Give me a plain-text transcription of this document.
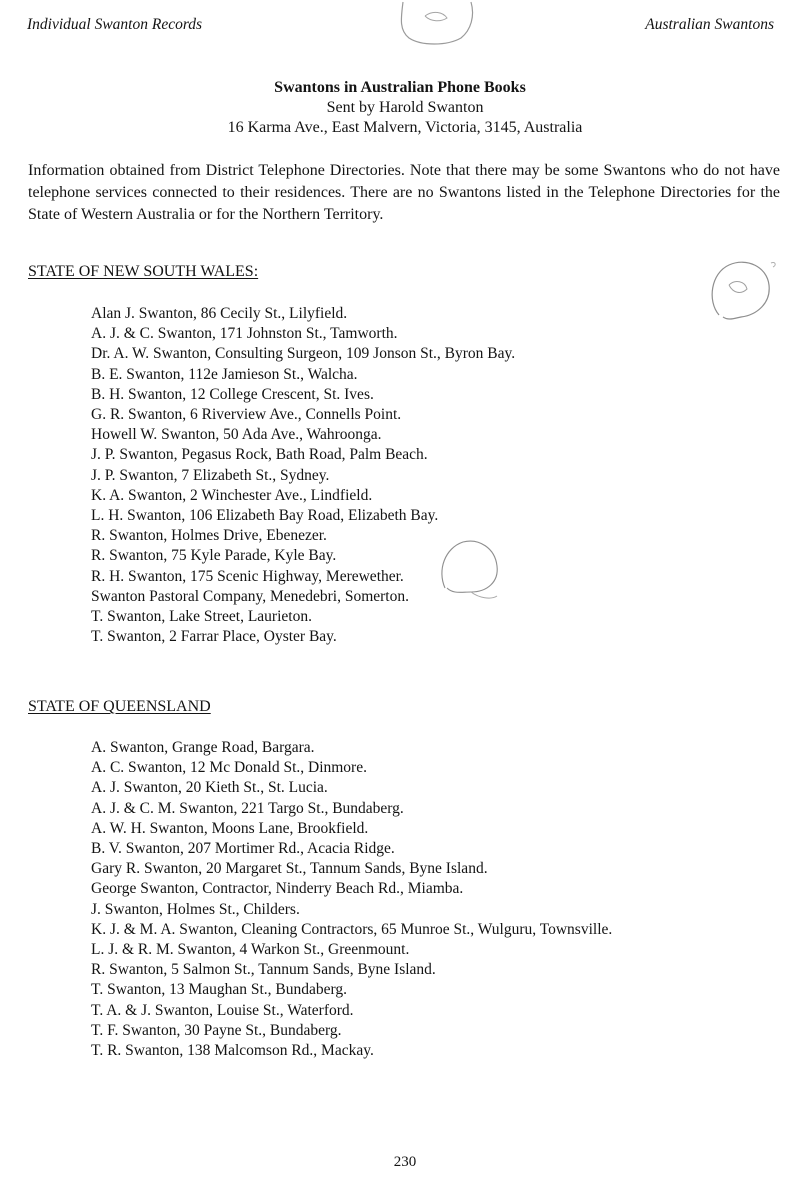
Individual Swanton Records	Australian Swantons
Swantons in Australian Phone Books
Sent by Harold Swanton
16 Karma Ave., East Malvern, Victoria, 3145, Australia
Information obtained from District Telephone Directories. Note that there may be some Swantons who do not have telephone services connected to their residences. There are no Swantons listed in the Telephone Directories for the State of Western Australia or for the Northern Territory.
STATE OF NEW SOUTH WALES:
Alan J. Swanton, 86 Cecily St., Lilyfield.
A. J. & C. Swanton, 171 Johnston St., Tamworth.
Dr. A. W. Swanton, Consulting Surgeon, 109 Jonson St., Byron Bay.
B. E. Swanton, 112e Jamieson St., Walcha.
B. H. Swanton, 12 College Crescent, St. Ives.
G. R. Swanton, 6 Riverview Ave., Connells Point.
Howell W. Swanton, 50 Ada Ave., Wahroonga.
J. P. Swanton, Pegasus Rock, Bath Road, Palm Beach.
J. P. Swanton, 7 Elizabeth St., Sydney.
K. A. Swanton, 2 Winchester Ave., Lindfield.
L. H. Swanton, 106 Elizabeth Bay Road, Elizabeth Bay.
R. Swanton, Holmes Drive, Ebenezer.
R. Swanton, 75 Kyle Parade, Kyle Bay.
R. H. Swanton, 175 Scenic Highway, Merewether.
Swanton Pastoral Company, Menedebri, Somerton.
T. Swanton, Lake Street, Laurieton.
T. Swanton, 2 Farrar Place, Oyster Bay.
STATE OF QUEENSLAND
A. Swanton, Grange Road, Bargara.
A. C. Swanton, 12 Mc Donald St., Dinmore.
A. J. Swanton, 20 Kieth St., St. Lucia.
A. J. & C. M. Swanton, 221 Targo St., Bundaberg.
A. W. H. Swanton, Moons Lane, Brookfield.
B. V. Swanton, 207 Mortimer Rd., Acacia Ridge.
Gary R. Swanton, 20 Margaret St., Tannum Sands, Byne Island.
George Swanton, Contractor, Ninderry Beach Rd., Miamba.
J. Swanton, Holmes St., Childers.
K. J. & M. A. Swanton, Cleaning Contractors, 65 Munroe St., Wulguru, Townsville.
L. J. & R. M. Swanton, 4 Warkon St., Greenmount.
R. Swanton, 5 Salmon St., Tannum Sands, Byne Island.
T. Swanton, 13 Maughan St., Bundaberg.
T. A. & J. Swanton, Louise St., Waterford.
T. F. Swanton, 30 Payne St., Bundaberg.
T. R. Swanton, 138 Malcomson Rd., Mackay.
230
